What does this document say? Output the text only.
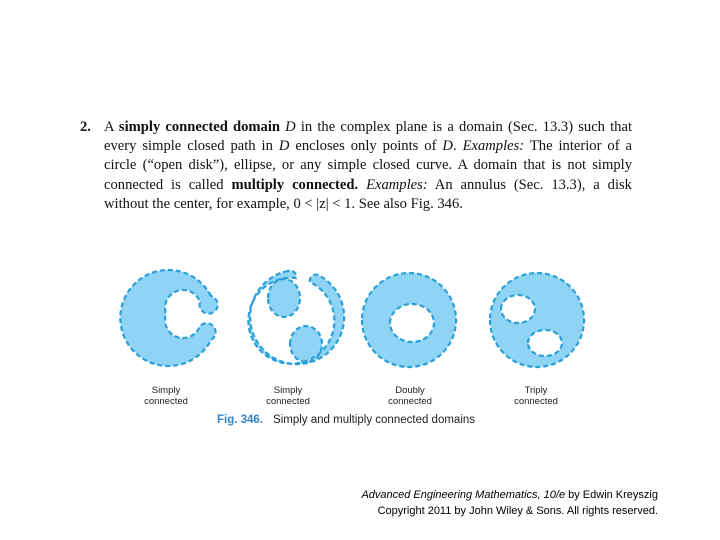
2. A simply connected domain D in the complex plane is a domain (Sec. 13.3) such that every simple closed path in D encloses only points of D. Examples: The interior of a circle (“open disk”), ellipse, or any simple closed curve. A domain that is not simply connected is called multiply connected. Examples: An annulus (Sec. 13.3), a disk without the center, for example, 0 < |z| < 1. See also Fig. 346.
Simply
connected
Simply
connected
Doubly
connected
Triply
connected
Fig. 346. Simply and multiply connected domains
Advanced Engineering Mathematics, 10/e by Edwin Kreyszig
Copyright 2011 by John Wiley & Sons. All rights reserved.
